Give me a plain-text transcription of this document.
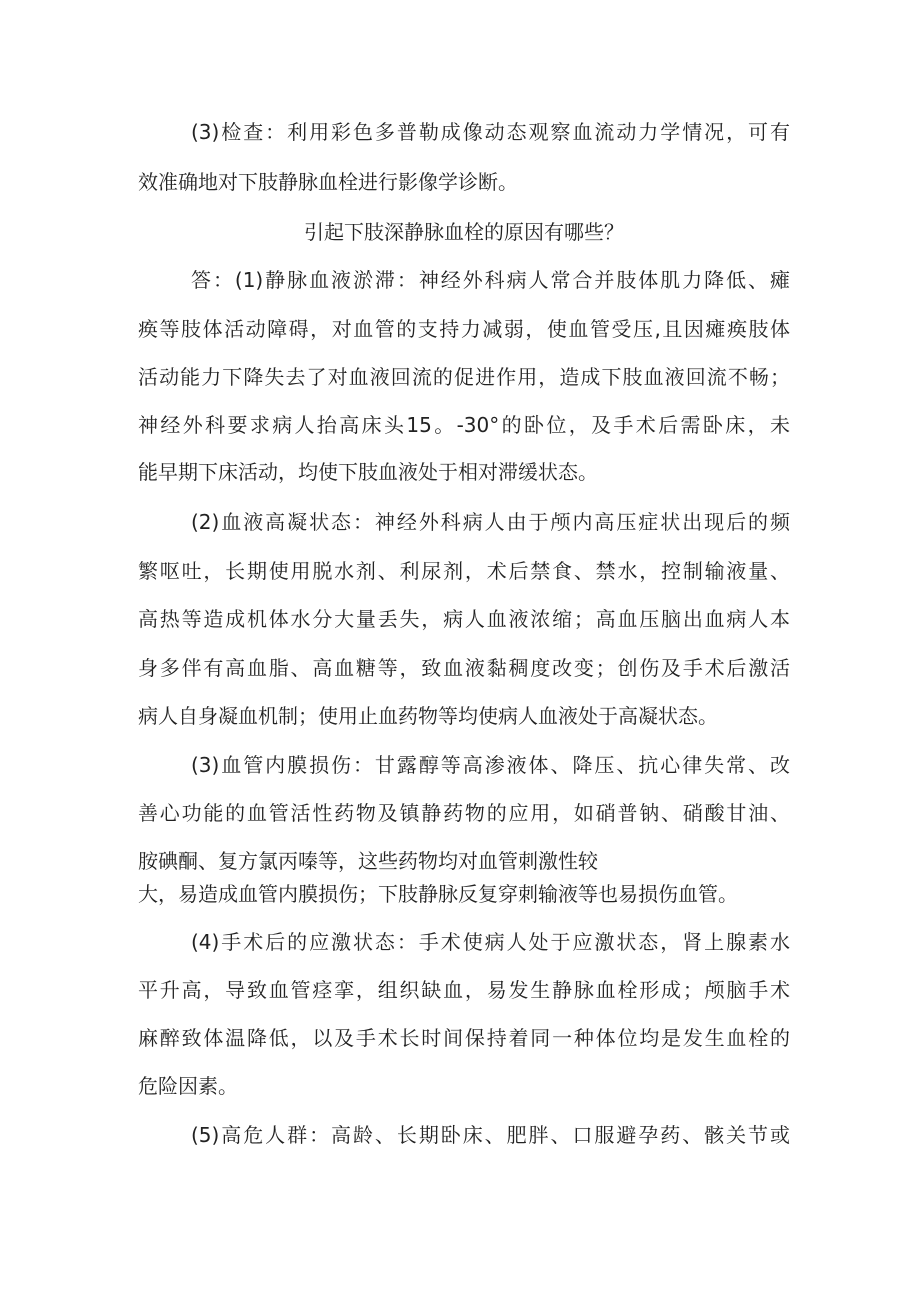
(3)检查：利用彩色多普勒成像动态观察血流动力学情况，可有
效准确地对下肢静脉血栓进行影像学诊断。
引起下肢深静脉血栓的原因有哪些？
答：(1)静脉血液淤滞：神经外科病人常合并肢体肌力降低、瘫
痪等肢体活动障碍，对血管的支持力减弱，使血管受压,且因瘫痪肢体
活动能力下降失去了对血液回流的促进作用，造成下肢血液回流不畅；
神经外科要求病人抬高床头15。-30°的卧位，及手术后需卧床，未
能早期下床活动，均使下肢血液处于相对滞缓状态。
(2)血液高凝状态：神经外科病人由于颅内高压症状出现后的频
繁呕吐，长期使用脱水剂、利尿剂，术后禁食、禁水，控制输液量、
高热等造成机体水分大量丢失，病人血液浓缩；高血压脑出血病人本
身多伴有高血脂、高血糖等，致血液黏稠度改变；创伤及手术后激活
病人自身凝血机制；使用止血药物等均使病人血液处于高凝状态。
(3)血管内膜损伤：甘露醇等高渗液体、降压、抗心律失常、改
善心功能的血管活性药物及镇静药物的应用，如硝普钠、硝酸甘油、
胺碘酮、复方氯丙嗪等，这些药物均对血管刺激性较
大，易造成血管内膜损伤；下肢静脉反复穿刺输液等也易损伤血管。
(4)手术后的应激状态：手术使病人处于应激状态，肾上腺素水
平升高，导致血管痉挛，组织缺血，易发生静脉血栓形成；颅脑手术
麻醉致体温降低，以及手术长时间保持着同一种体位均是发生血栓的
危险因素。
(5)高危人群：高龄、长期卧床、肥胖、口服避孕药、骸关节或
